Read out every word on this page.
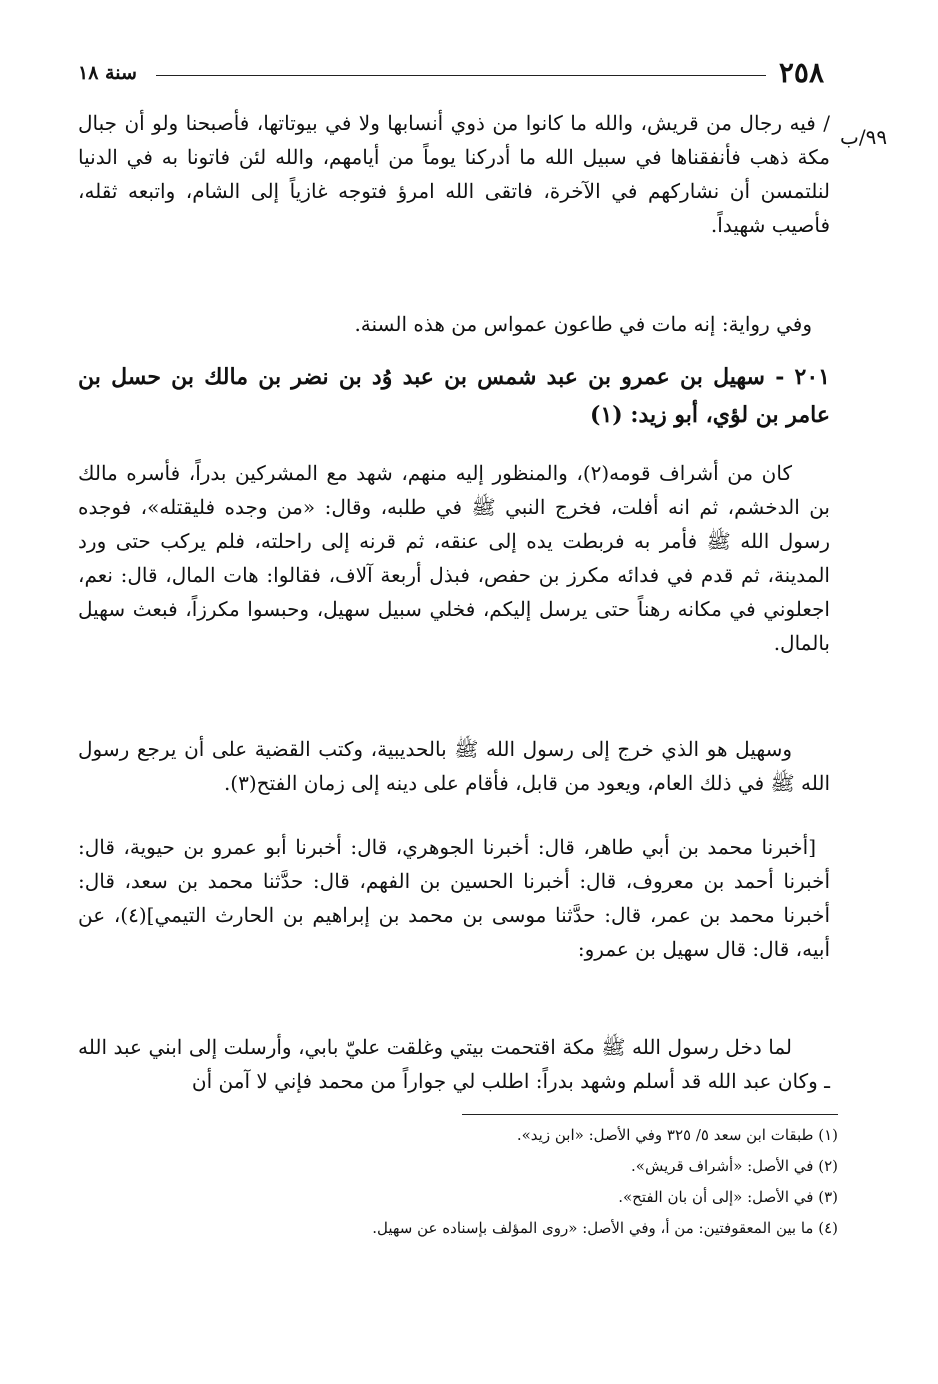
٢٥٨
سنة ١٨
٩٩/ب

/ فيه رجال من قريش، والله ما كانوا من ذوي أنسابها ولا في بيوتاتها، فأصبحنا ولو أن جبال مكة ذهب فأنفقناها في سبيل الله ما أدركنا يوماً من أيامهم، والله لئن فاتونا به في الدنيا لنلتمسن أن نشاركهم في الآخرة، فاتقى الله امرؤ فتوجه غازياً إلى الشام، واتبعه ثقله، فأصيب شهيداً.

وفي رواية: إنه مات في طاعون عمواس من هذه السنة.

٢٠١ - سهيل بن عمرو بن عبد شمس بن عبد وُد بن نضر بن مالك بن حسل بن عامر بن لؤي، أبو زيد: (١)

كان من أشراف قومه(٢)، والمنظور إليه منهم، شهد مع المشركين بدراً، فأسره مالك بن الدخشم، ثم انه أفلت، فخرج النبي ﷺ في طلبه، وقال: «من وجده فليقتله»، فوجده رسول الله ﷺ فأمر به فربطت يده إلى عنقه، ثم قرنه إلى راحلته، فلم يركب حتى ورد المدينة، ثم قدم في فدائه مكرز بن حفص، فبذل أربعة آلاف، فقالوا: هات المال، قال: نعم، اجعلوني في مكانه رهناً حتى يرسل إليكم، فخلي سبيل سهيل، وحبسوا مكرزاً، فبعث سهيل بالمال.

وسهيل هو الذي خرج إلى رسول الله ﷺ بالحديبية، وكتب القضية على أن يرجع رسول الله ﷺ في ذلك العام، ويعود من قابل، فأقام على دينه إلى زمان الفتح(٣).

[أخبرنا محمد بن أبي طاهر، قال: أخبرنا الجوهري، قال: أخبرنا أبو عمرو بن حيوية، قال: أخبرنا أحمد بن معروف، قال: أخبرنا الحسين بن الفهم، قال: حدَّثنا محمد بن سعد، قال: أخبرنا محمد بن عمر، قال: حدَّثنا موسى بن محمد بن إبراهيم بن الحارث التيمي](٤)، عن أبيه، قال: قال سهيل بن عمرو:

لما دخل رسول الله ﷺ مكة اقتحمت بيتي وغلقت عليّ بابي، وأرسلت إلى ابني عبد الله ـ وكان عبد الله قد أسلم وشهد بدراً: اطلب لي جواراً من محمد فإني لا آمن أن

(١) طبقات ابن سعد ٥/ ٣٢٥ وفي الأصل: «ابن زيد».
(٢) في الأصل: «أشراف قريش».
(٣) في الأصل: «إلى أن بان الفتح».
(٤) ما بين المعقوفتين: من أ، وفي الأصل: «روى المؤلف بإسناده عن سهيل.
